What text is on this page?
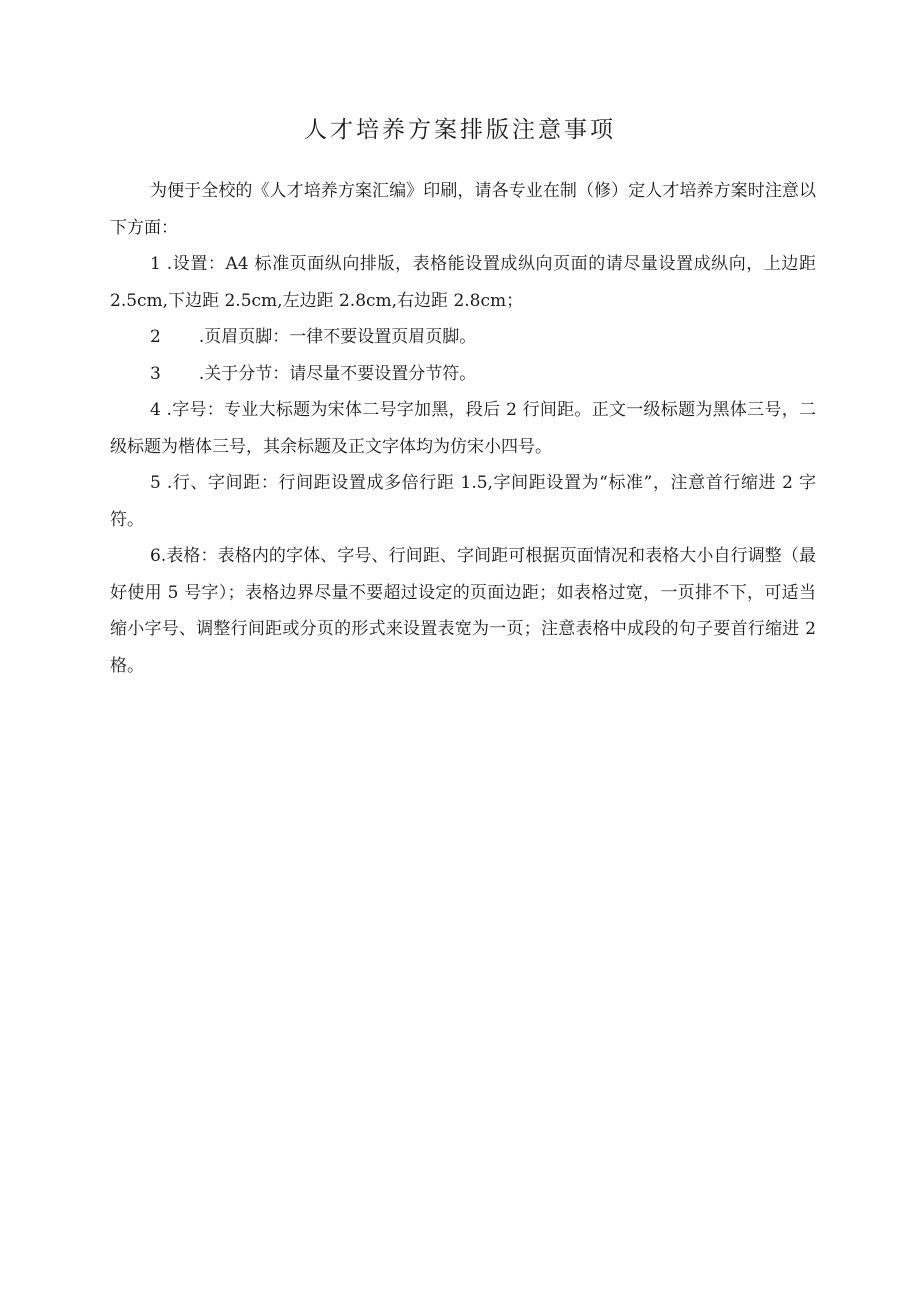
人才培养方案排版注意事项

为便于全校的《人才培养方案汇编》印刷，请各专业在制（修）定人才培养方案时注意以下方面：

1 .设置：A4 标准页面纵向排版，表格能设置成纵向页面的请尽量设置成纵向，上边距 2.5cm,下边距 2.5cm,左边距 2.8cm,右边距 2.8cm；

2 .页眉页脚：一律不要设置页眉页脚。

3 .关于分节：请尽量不要设置分节符。

4 .字号：专业大标题为宋体二号字加黑，段后 2 行间距。正文一级标题为黑体三号，二级标题为楷体三号，其余标题及正文字体均为仿宋小四号。

5 .行、字间距：行间距设置成多倍行距 1.5,字间距设置为“标准”，注意首行缩进 2 字符。

6.表格：表格内的字体、字号、行间距、字间距可根据页面情况和表格大小自行调整（最好使用 5 号字）；表格边界尽量不要超过设定的页面边距；如表格过宽，一页排不下，可适当缩小字号、调整行间距或分页的形式来设置表宽为一页；注意表格中成段的句子要首行缩进 2 格。
